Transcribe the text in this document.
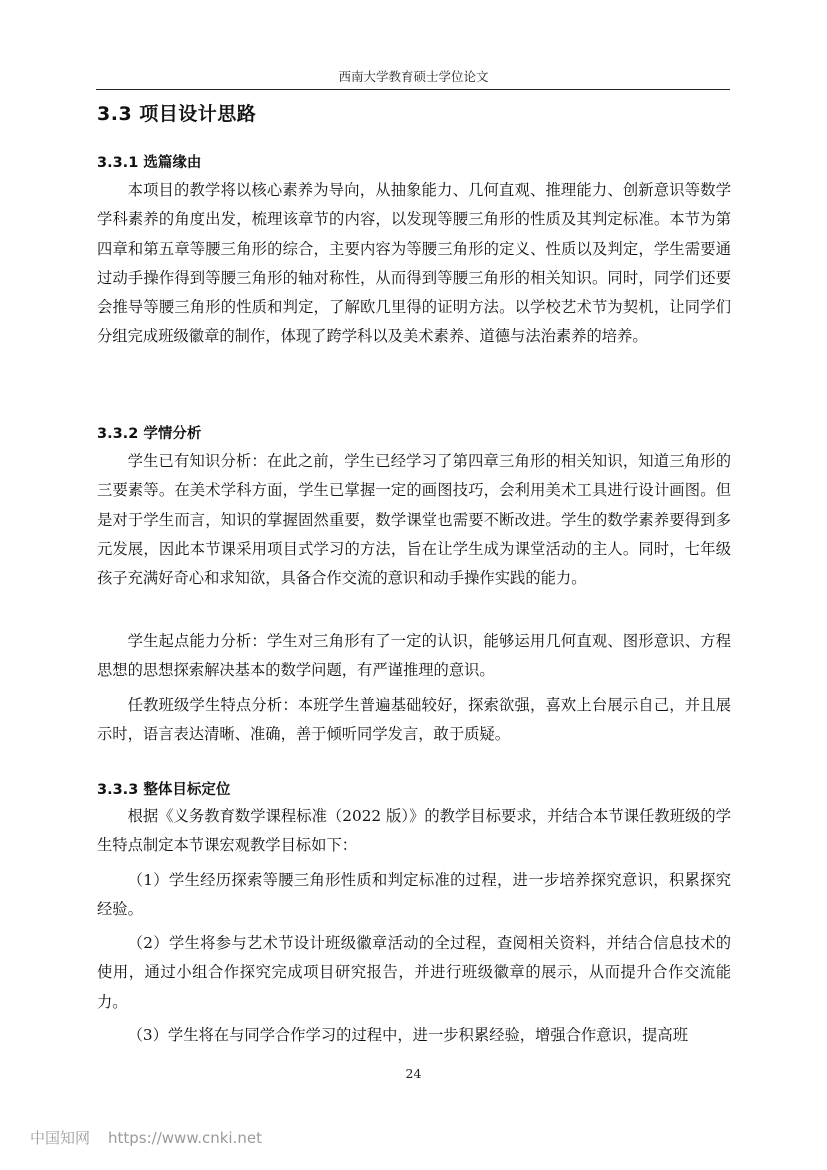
西南大学教育硕士学位论文
3.3 项目设计思路
3.3.1 选篇缘由

本项目的教学将以核心素养为导向，从抽象能力、几何直观、推理能力、创新意识等数学学科素养的角度出发，梳理该章节的内容，以发现等腰三角形的性质及其判定标准。本节为第四章和第五章等腰三角形的综合，主要内容为等腰三角形的定义、性质以及判定，学生需要通过动手操作得到等腰三角形的轴对称性，从而得到等腰三角形的相关知识。同时，同学们还要会推导等腰三角形的性质和判定，了解欧几里得的证明方法。以学校艺术节为契机，让同学们分组完成班级徽章的制作，体现了跨学科以及美术素养、道德与法治素养的培养。

3.3.2 学情分析

学生已有知识分析：在此之前，学生已经学习了第四章三角形的相关知识，知道三角形的三要素等。在美术学科方面，学生已掌握一定的画图技巧，会利用美术工具进行设计画图。但是对于学生而言，知识的掌握固然重要，数学课堂也需要不断改进。学生的数学素养要得到多元发展，因此本节课采用项目式学习的方法，旨在让学生成为课堂活动的主人。同时，七年级孩子充满好奇心和求知欲，具备合作交流的意识和动手操作实践的能力。

学生起点能力分析：学生对三角形有了一定的认识，能够运用几何直观、图形意识、方程思想的思想探索解决基本的数学问题，有严谨推理的意识。

任教班级学生特点分析：本班学生普遍基础较好，探索欲强，喜欢上台展示自己，并且展示时，语言表达清晰、准确，善于倾听同学发言，敢于质疑。

3.3.3 整体目标定位

根据《义务教育数学课程标准（2022 版）》的教学目标要求，并结合本节课任教班级的学生特点制定本节课宏观教学目标如下：

（1）学生经历探索等腰三角形性质和判定标准的过程，进一步培养探究意识，积累探究经验。

（2）学生将参与艺术节设计班级徽章活动的全过程，查阅相关资料，并结合信息技术的使用，通过小组合作探究完成项目研究报告，并进行班级徽章的展示，从而提升合作交流能力。

（3）学生将在与同学合作学习的过程中，进一步积累经验，增强合作意识，提高班

24
中国知网 https://www.cnki.net
